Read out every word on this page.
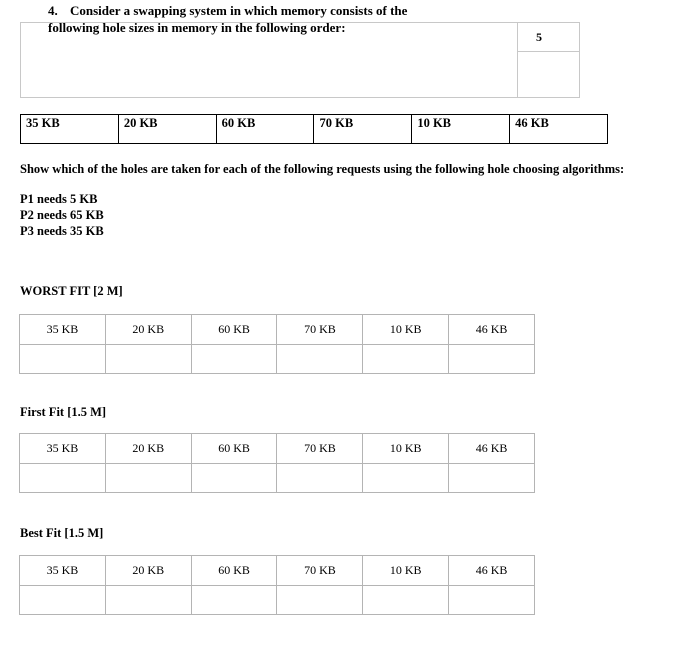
4. Consider a swapping system in which memory consists of the
following hole sizes in memory in the following order:
5
35 KB	20 KB	60 KB	70 KB	10 KB	46 KB
Show which of the holes are taken for each of the following requests using the following hole choosing algorithms:
P1 needs 5 KB
P2 needs 65 KB
P3 needs 35 KB
WORST FIT [2 M]
35 KB	20 KB	60 KB	70 KB	10 KB	46 KB

First Fit [1.5 M]
35 KB	20 KB	60 KB	70 KB	10 KB	46 KB

Best Fit [1.5 M]
35 KB	20 KB	60 KB	70 KB	10 KB	46 KB
